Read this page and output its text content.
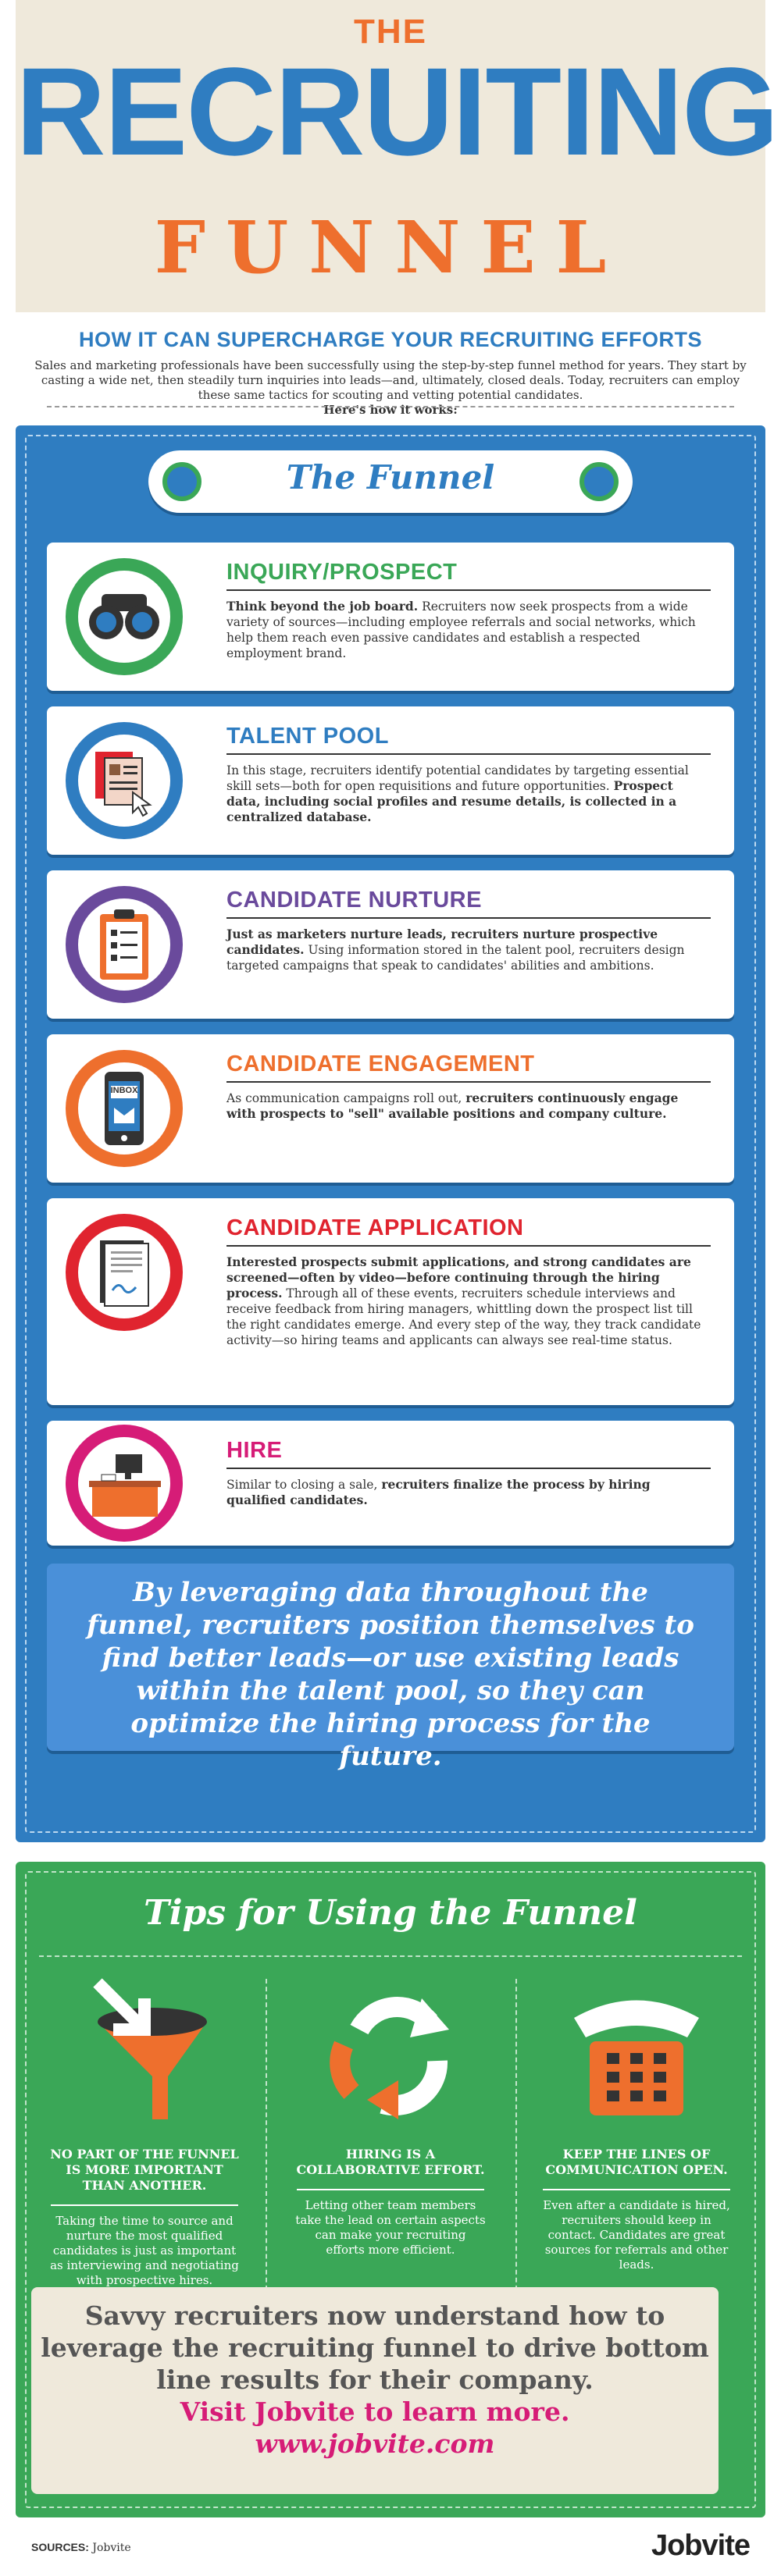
THE
RECRUITING
FUNNEL
HOW IT CAN SUPERCHARGE YOUR RECRUITING EFFORTS

Sales and marketing professionals have been successfully using the step-by-step funnel method for years. They start by casting a wide net, then steadily turn inquiries into leads—and, ultimately, closed deals. Today, recruiters can employ these same tactics for scouting and vetting potential candidates.
Here's how it works:

The Funnel
INQUIRY/PROSPECT
Think beyond the job board. Recruiters now seek prospects from a wide variety of sources—including employee referrals and social networks, which help them reach even passive candidates and establish a respected employment brand.
TALENT POOL
In this stage, recruiters identify potential candidates by targeting essential skill sets—both for open requisitions and future opportunities. Prospect data, including social profiles and resume details, is collected in a centralized database.
CANDIDATE NURTURE
Just as marketers nurture leads, recruiters nurture prospective candidates. Using information stored in the talent pool, recruiters design targeted campaigns that speak to candidates' abilities and ambitions.
INBOX
CANDIDATE ENGAGEMENT
As communication campaigns roll out, recruiters continuously engage with prospects to "sell" available positions and company culture.
CANDIDATE APPLICATION
Interested prospects submit applications, and strong candidates are screened—often by video—before continuing through the hiring process. Through all of these events, recruiters schedule interviews and receive feedback from hiring managers, whittling down the prospect list till the right candidates emerge. And every step of the way, they track candidate activity—so hiring teams and applicants can always see real-time status.
HIRE
Similar to closing a sale, recruiters finalize the process by hiring qualified candidates.

By leveraging data throughout the funnel, recruiters position themselves to find better leads—or use existing leads within the talent pool, so they can optimize the hiring process for the future.

Tips for Using the Funnel
NO PART OF THE FUNNEL IS MORE IMPORTANT THAN ANOTHER.

Taking the time to source and nurture the most qualified candidates is just as important as interviewing and negotiating with prospective hires.

HIRING IS A COLLABORATIVE EFFORT.

Letting other team members take the lead on certain aspects can make your recruiting efforts more efficient.

KEEP THE LINES OF COMMUNICATION OPEN.

Even after a candidate is hired, recruiters should keep in contact. Candidates are great sources for referrals and other leads.

Savvy recruiters now understand how to leverage the recruiting funnel to drive bottom line results for their company.
Visit Jobvite to learn more.
www.jobvite.com
SOURCES: Jobvite	Jobvite
